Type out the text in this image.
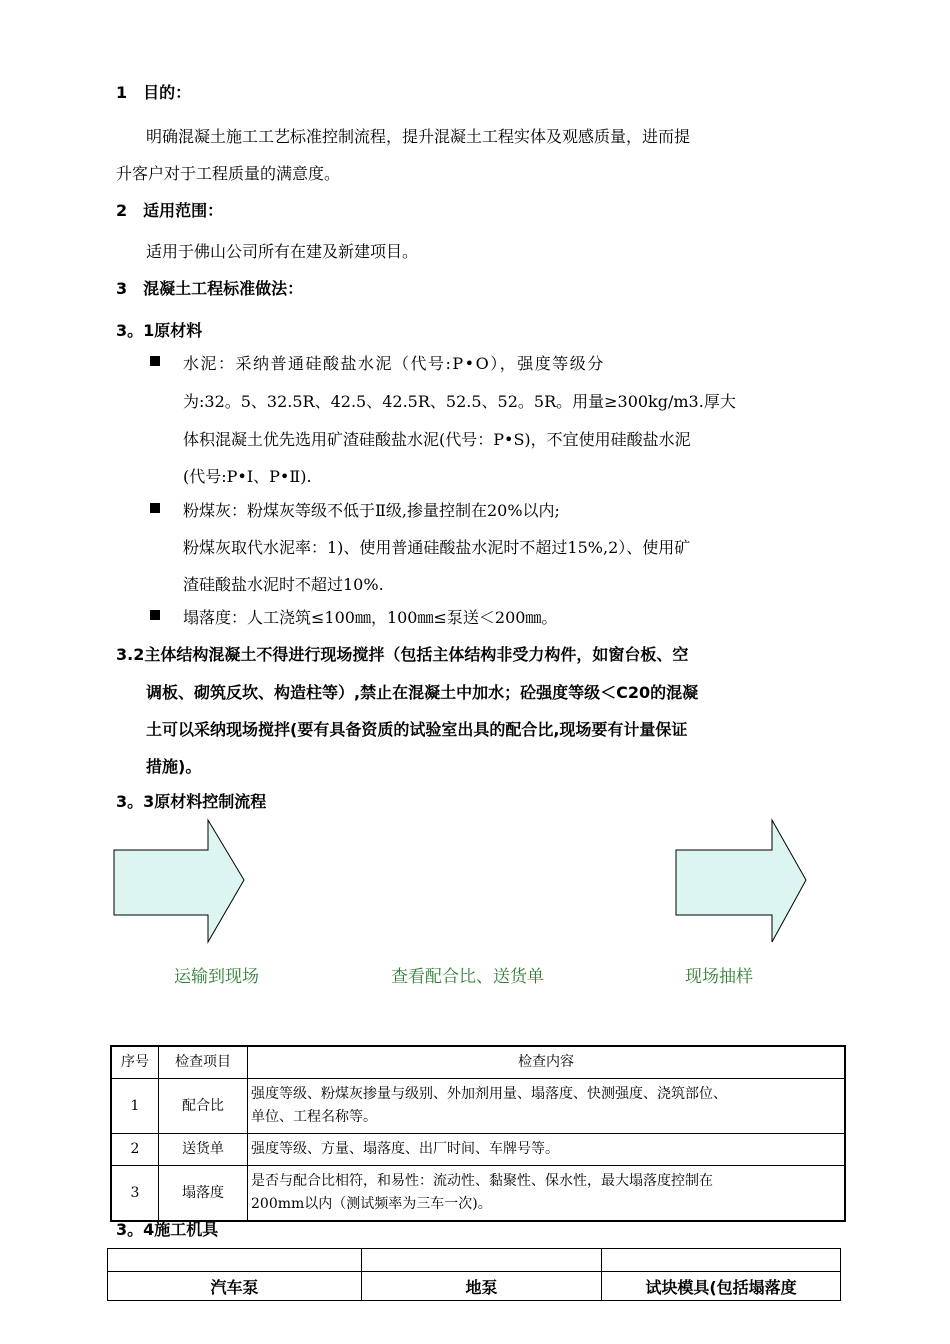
1　目的：
明确混凝土施工工艺标准控制流程，提升混凝土工程实体及观感质量，进而提
升客户对于工程质量的满意度。
2　适用范围：
适用于佛山公司所有在建及新建项目。
3　混凝土工程标准做法：
3。1原材料
水泥：采纳普通硅酸盐水泥（代号:P•O），强度等级分
为:32。5、32.5R、42.5、42.5R、52.5、52。5R。用量≥300kg/m3.厚大
体积混凝土优先选用矿渣硅酸盐水泥(代号：P•S)，不宜使用硅酸盐水泥
(代号:P•Ⅰ、P•Ⅱ).
粉煤灰：粉煤灰等级不低于Ⅱ级,掺量控制在20%以内;
粉煤灰取代水泥率：1)、使用普通硅酸盐水泥时不超过15%,2）、使用矿
渣硅酸盐水泥时不超过10%.
塌落度：人工浇筑≤100㎜，100㎜≤泵送＜200㎜。
3.2主体结构混凝土不得进行现场搅拌（包括主体结构非受力构件，如窗台板、空
调板、砌筑反坎、构造柱等）,禁止在混凝土中加水；砼强度等级＜C20的混凝
土可以采纳现场搅拌(要有具备资质的试验室出具的配合比,现场要有计量保证
措施)。
3。3原材料控制流程
运输到现场	查看配合比、送货单	现场抽样
序号	检查项目	检查内容
1	配合比	强度等级、粉煤灰掺量与级别、外加剂用量、塌落度、快测强度、浇筑部位、
单位、工程名称等。

2	送货单	强度等级、方量、塌落度、出厂时间、车牌号等。

3	塌落度	是否与配合比相符，和易性：流动性、黏聚性、保水性，最大塌落度控制在
200mm以内（测试频率为三车一次)。
3。4施工机具

汽车泵	地泵	试块模具(包括塌落度
